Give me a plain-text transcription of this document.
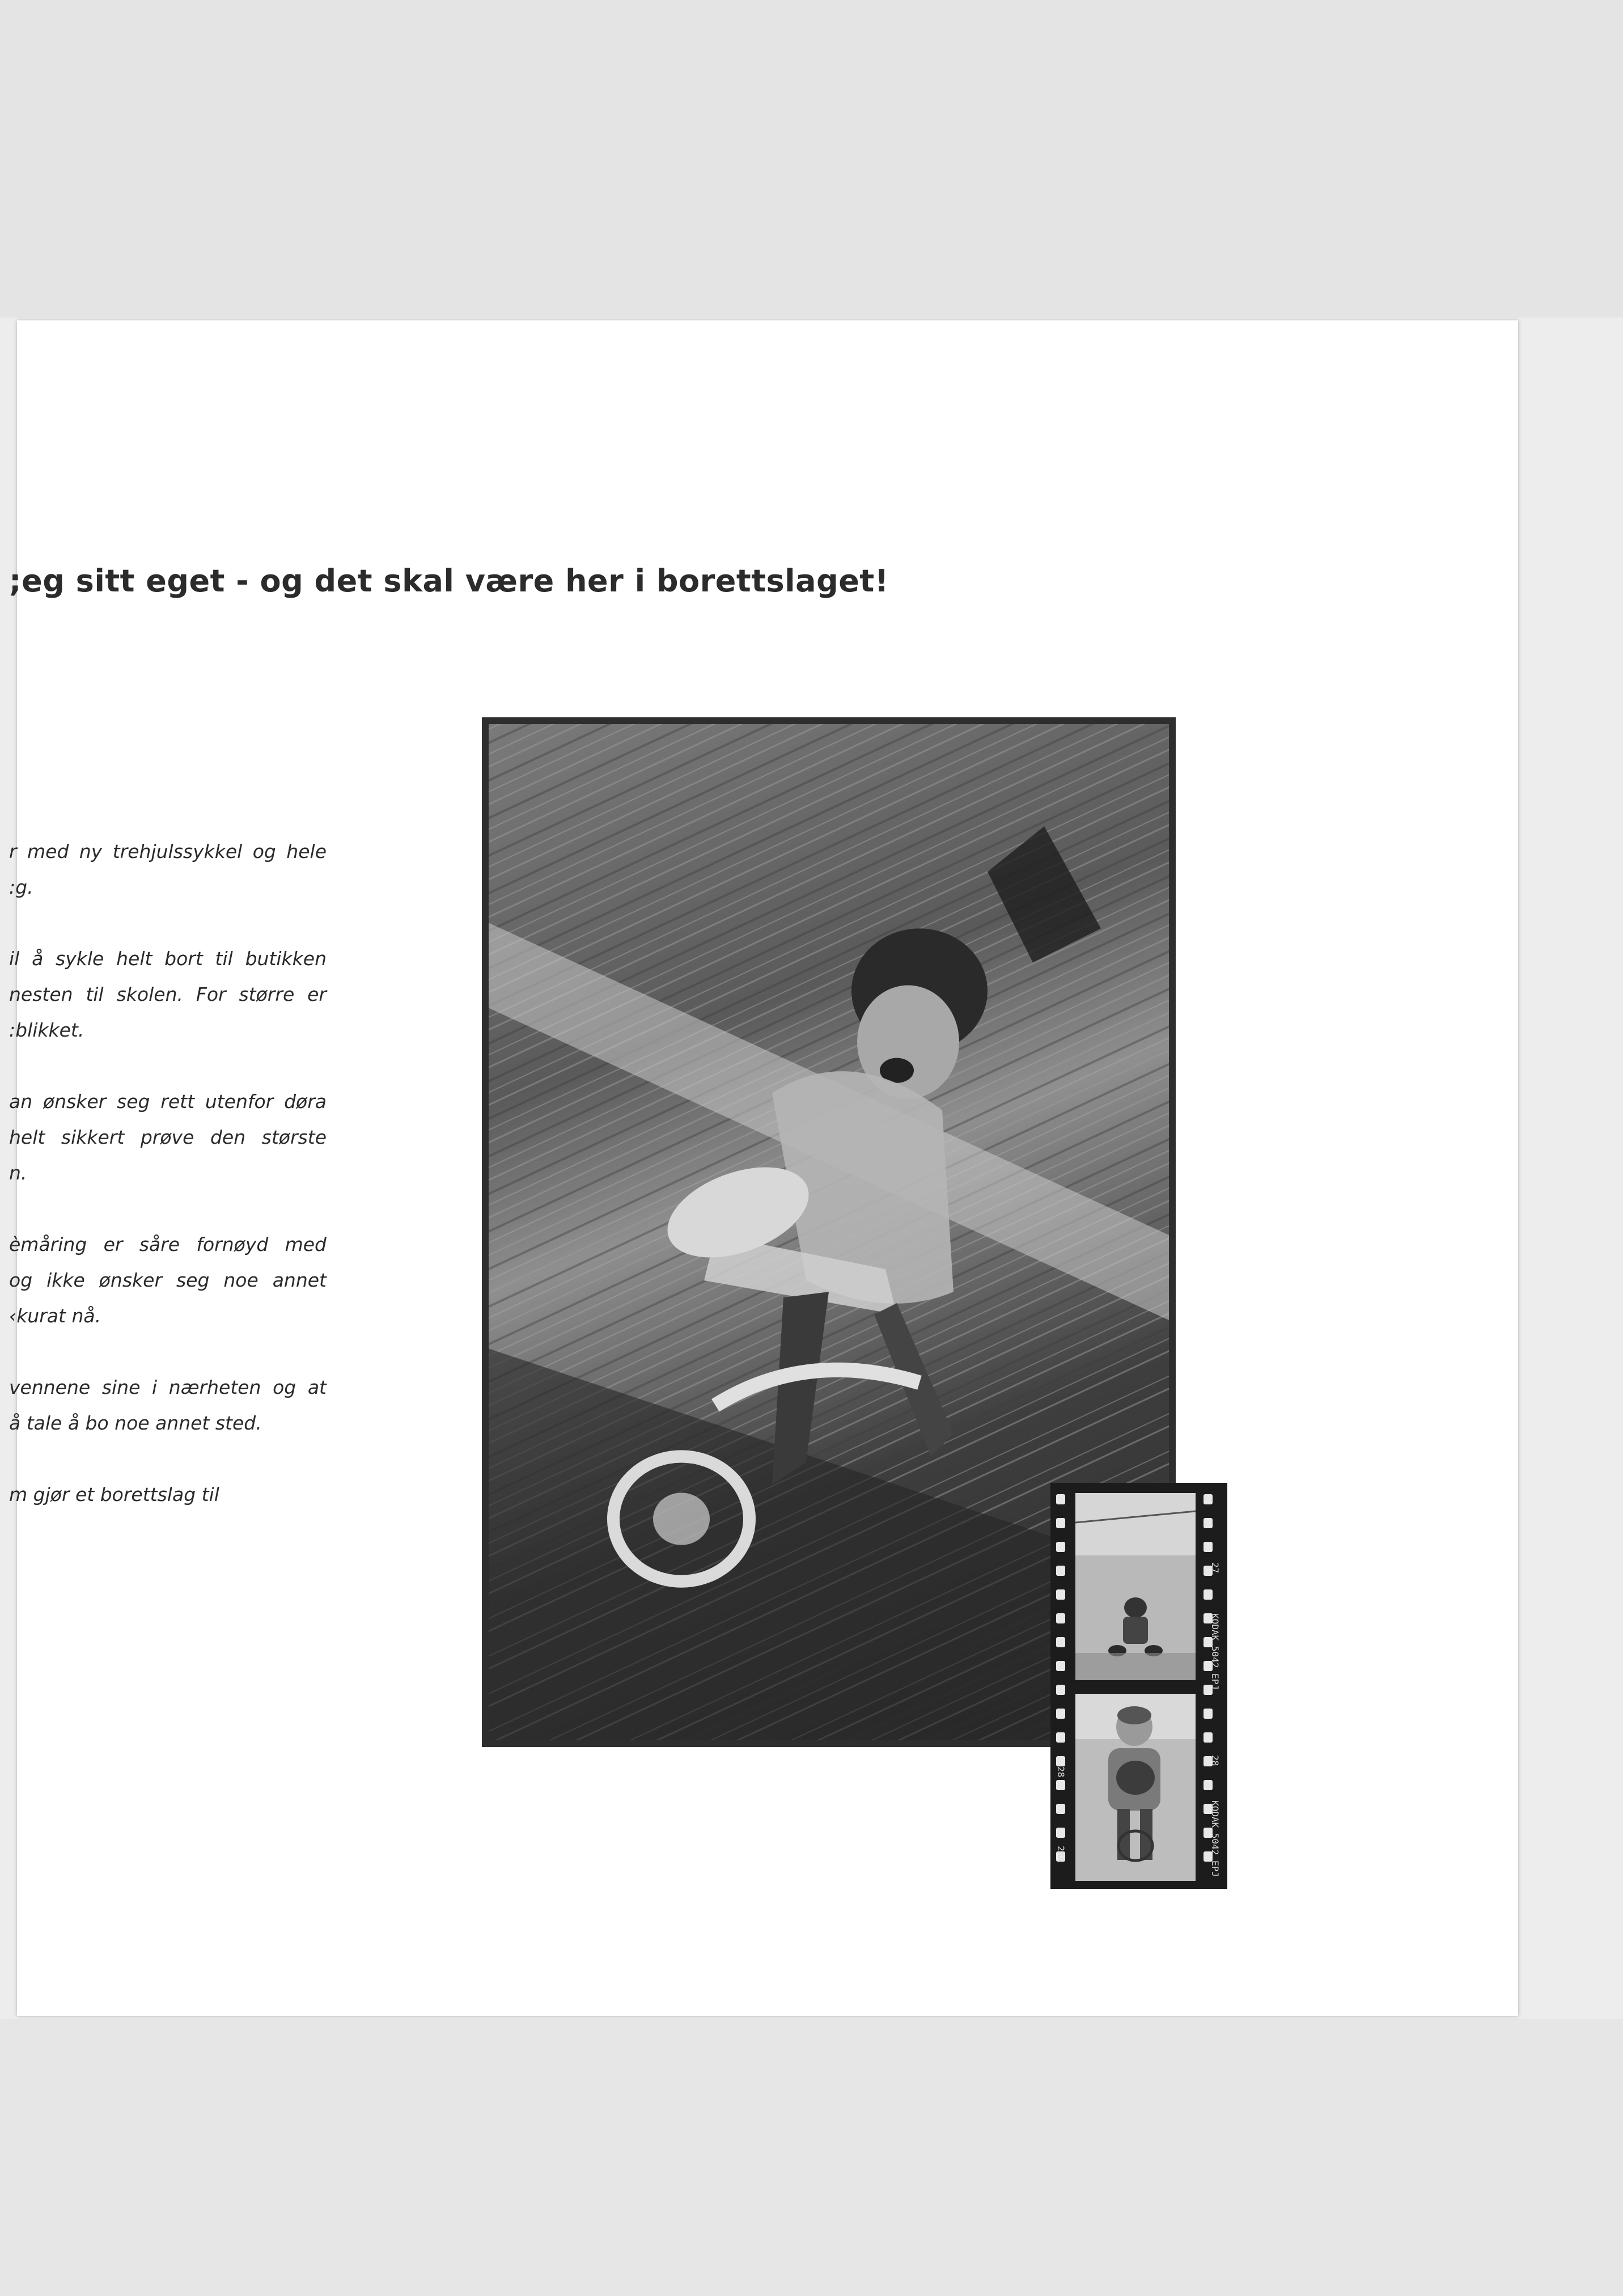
;eg sitt eget - og det skal være her i borettslaget!

r med ny trehjulssykkel og hele
:g.

il å sykle helt bort til butikken
nesten til skolen. For større er
:blikket.

an ønsker seg rett utenfor døra
helt sikkert prøve den største
n.

èmåring er såre fornøyd med
og ikke ønsker seg noe annet
‹kurat nå.

vennene sine i nærheten og at
å tale å bo noe annet sted.

m gjør et borettslag til

27
KODAK 5042 EPJ
28
KODAK 5042 EPJ
28
28A
